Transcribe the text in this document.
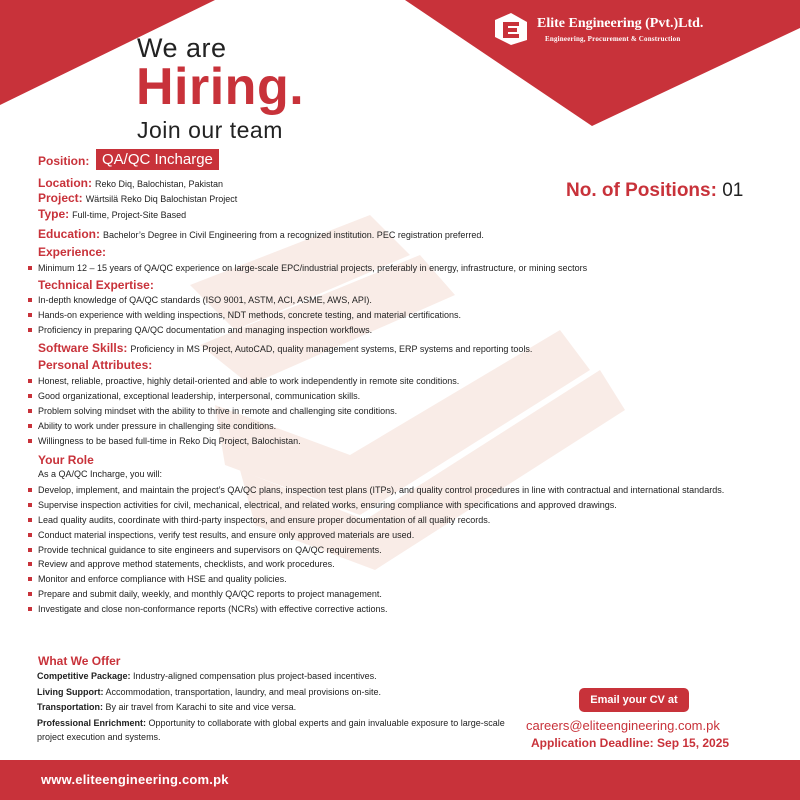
Elite Engineering (Pvt.)Ltd.
Engineering, Procurement & Construction
We are
Hiring.
Join our team
Position: QA/QC Incharge
Location: Reko Diq, Balochistan, Pakistan
Project: Wärtsilä Reko Diq Balochistan Project
Type: Full-time, Project-Site Based
No. of Positions: 01
Education: Bachelor’s Degree in Civil Engineering from a recognized institution. PEC registration preferred.
Experience:
Minimum 12 – 15 years of QA/QC experience on large-scale EPC/industrial projects, preferably in energy, infrastructure, or mining sectors
Technical Expertise:
In-depth knowledge of QA/QC standards (ISO 9001, ASTM, ACI, ASME, AWS, API).
Hands-on experience with welding inspections, NDT methods, concrete testing, and material certifications.
Proficiency in preparing QA/QC documentation and managing inspection workflows.
Software Skills: Proficiency in MS Project, AutoCAD, quality management systems, ERP systems and reporting tools.
Personal Attributes:
Honest, reliable, proactive, highly detail-oriented and able to work independently in remote site conditions.
Good organizational, exceptional leadership, interpersonal, communication skills.
Problem solving mindset with the ability to thrive in remote and challenging site conditions.
Ability to work under pressure in challenging site conditions.
Willingness to be based full-time in Reko Diq Project, Balochistan.
Your Role
As a QA/QC Incharge, you will:
Develop, implement, and maintain the project’s QA/QC plans, inspection test plans (ITPs), and quality control procedures in line with contractual and international standards.
Supervise inspection activities for civil, mechanical, electrical, and related works, ensuring compliance with specifications and approved drawings.
Lead quality audits, coordinate with third-party inspectors, and ensure proper documentation of all quality records.
Conduct material inspections, verify test results, and ensure only approved materials are used.
Provide technical guidance to site engineers and supervisors on QA/QC requirements.
Review and approve method statements, checklists, and work procedures.
Monitor and enforce compliance with HSE and quality policies.
Prepare and submit daily, weekly, and monthly QA/QC reports to project management.
Investigate and close non-conformance reports (NCRs) with effective corrective actions.
What We Offer
Competitive Package: Industry-aligned compensation plus project-based incentives.
Living Support: Accommodation, transportation, laundry, and meal provisions on-site.
Transportation: By air travel from Karachi to site and vice versa.
Professional Enrichment: Opportunity to collaborate with global experts and gain invaluable exposure to large-scale project execution and systems.
Email your CV at
careers@eliteengineering.com.pk
Application Deadline: Sep 15, 2025
www.eliteengineering.com.pk
